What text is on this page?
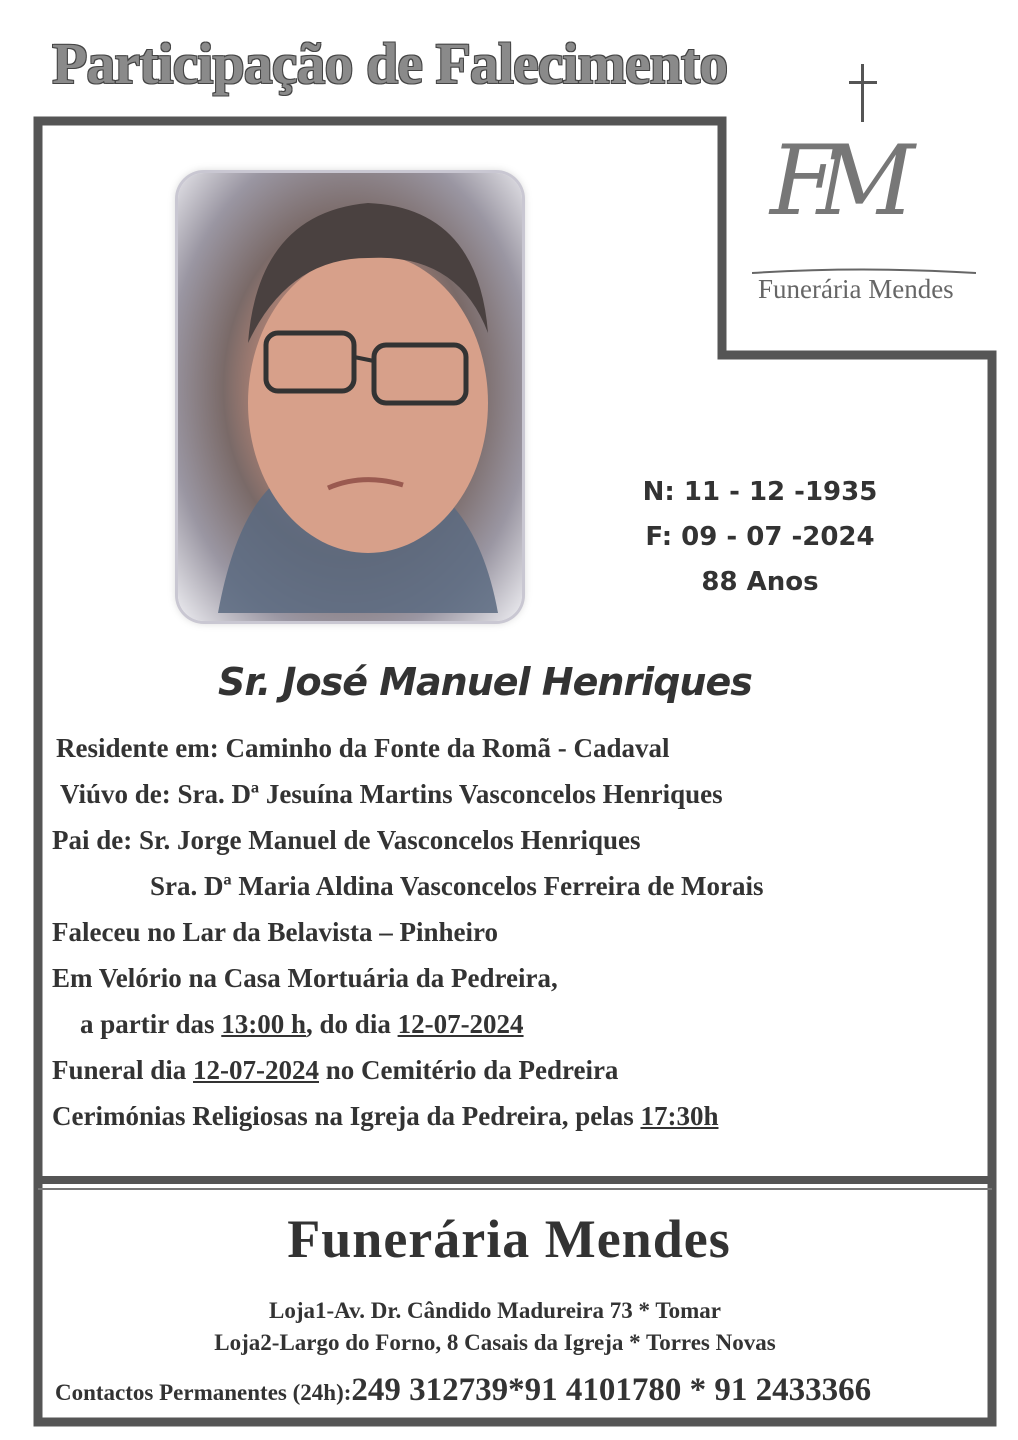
Participação de Falecimento
FM
Funerária Mendes
N: 11 - 12 -1935
F: 09 - 07 -2024
88 Anos
Sr. José Manuel Henriques
Residente em: Caminho da Fonte da Romã - Cadaval
Viúvo de: Sra. Dª Jesuína Martins Vasconcelos Henriques
Pai de: Sr. Jorge Manuel de Vasconcelos Henriques
Sra. Dª Maria Aldina Vasconcelos Ferreira de Morais
Faleceu no Lar da Belavista – Pinheiro
Em Velório na Casa Mortuária da Pedreira,
a partir das 13:00 h, do dia 12-07-2024
Funeral dia 12-07-2024 no Cemitério da Pedreira
Cerimónias Religiosas na Igreja da Pedreira, pelas 17:30h
Funerária Mendes
Loja1-Av. Dr. Cândido Madureira 73 * Tomar
Loja2-Largo do Forno, 8 Casais da Igreja * Torres Novas
Contactos Permanentes (24h):249 312739*91 4101780 * 91 2433366
